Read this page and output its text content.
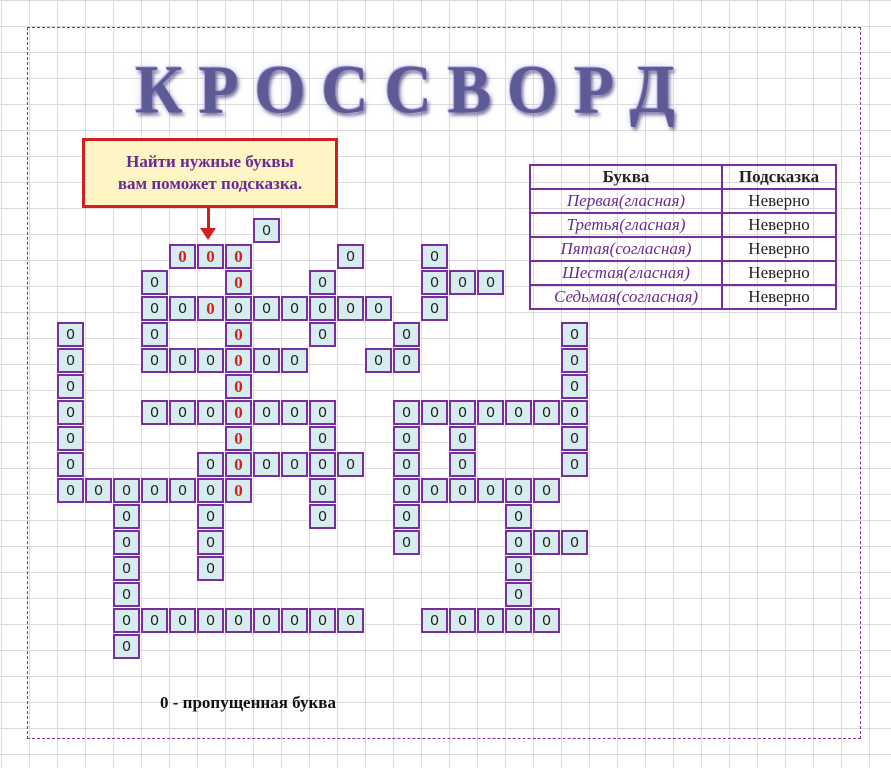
К Р О С С В О Р Д
Найти нужные буквы
вам поможет подсказка.
0
0	0	0	0	0
0	0	0	0	0	0
0	0	0	0	0	0	0	0	0	0
0	0	0	0	0	0
0	0	0	0	0	0	0	0	0	0
0	0	0
0	0	0	0	0	0	0	0	0	0	0	0	0	0	0
0	0	0	0	0	0
0	0	0	0	0	0	0	0	0	0
0	0	0	0	0	0	0	0	0	0	0	0	0	0
0	0	0	0	0
0	0	0	0	0	0
0	0	0
0	0
0	0	0	0	0	0	0	0	0	0	0	0	0	0
0
Буква	Подсказка
Первая(гласная)	Неверно
Третья(гласная)	Неверно
Пятая(согласная)	Неверно
Шестая(гласная)	Неверно
Седьмая(согласная)	Неверно
0 - пропущенная буква
